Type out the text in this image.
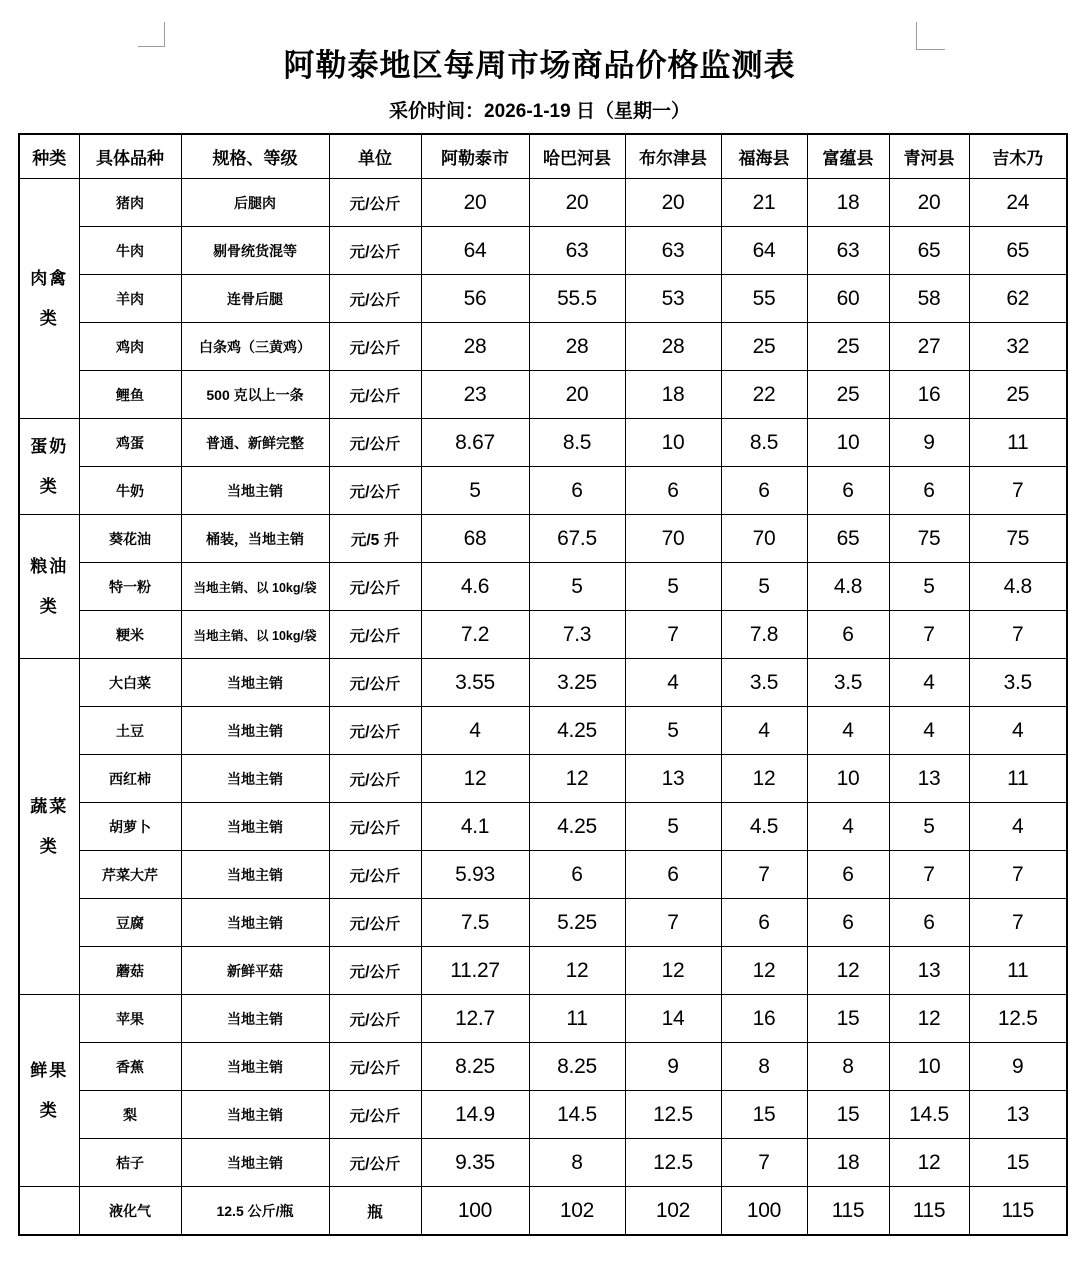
阿勒泰地区每周市场商品价格监测表
采价时间：2026-1-19 日（星期一）
种类	具体品种	规格、等级	单位	阿勒泰市	哈巴河县	布尔津县	福海县	富蕴县	青河县	吉木乃
肉禽类	猪肉	后腿肉	元/公斤	20	20	20	21	18	20	24
	牛肉	剔骨统货混等	元/公斤	64	63	63	64	63	65	65
	羊肉	连骨后腿	元/公斤	56	55.5	53	55	60	58	62
	鸡肉	白条鸡（三黄鸡）	元/公斤	28	28	28	25	25	27	32
	鲤鱼	500 克以上一条	元/公斤	23	20	18	22	25	16	25
蛋奶类	鸡蛋	普通、新鲜完整	元/公斤	8.67	8.5	10	8.5	10	9	11
	牛奶	当地主销	元/公斤	5	6	6	6	6	6	7
粮油类	葵花油	桶装，当地主销	元/5 升	68	67.5	70	70	65	75	75
	特一粉	当地主销、以 10kg/袋	元/公斤	4.6	5	5	5	4.8	5	4.8
	粳米	当地主销、以 10kg/袋	元/公斤	7.2	7.3	7	7.8	6	7	7
蔬菜类	大白菜	当地主销	元/公斤	3.55	3.25	4	3.5	3.5	4	3.5
	土豆	当地主销	元/公斤	4	4.25	5	4	4	4	4
	西红柿	当地主销	元/公斤	12	12	13	12	10	13	11
	胡萝卜	当地主销	元/公斤	4.1	4.25	5	4.5	4	5	4
	芹菜大芹	当地主销	元/公斤	5.93	6	6	7	6	7	7
	豆腐	当地主销	元/公斤	7.5	5.25	7	6	6	6	7
	蘑菇	新鲜平菇	元/公斤	11.27	12	12	12	12	13	11
鲜果类	苹果	当地主销	元/公斤	12.7	11	14	16	15	12	12.5
	香蕉	当地主销	元/公斤	8.25	8.25	9	8	8	10	9
	梨	当地主销	元/公斤	14.9	14.5	12.5	15	15	14.5	13
	桔子	当地主销	元/公斤	9.35	8	12.5	7	18	12	15
	液化气	12.5 公斤/瓶	瓶	100	102	102	100	115	115	115
